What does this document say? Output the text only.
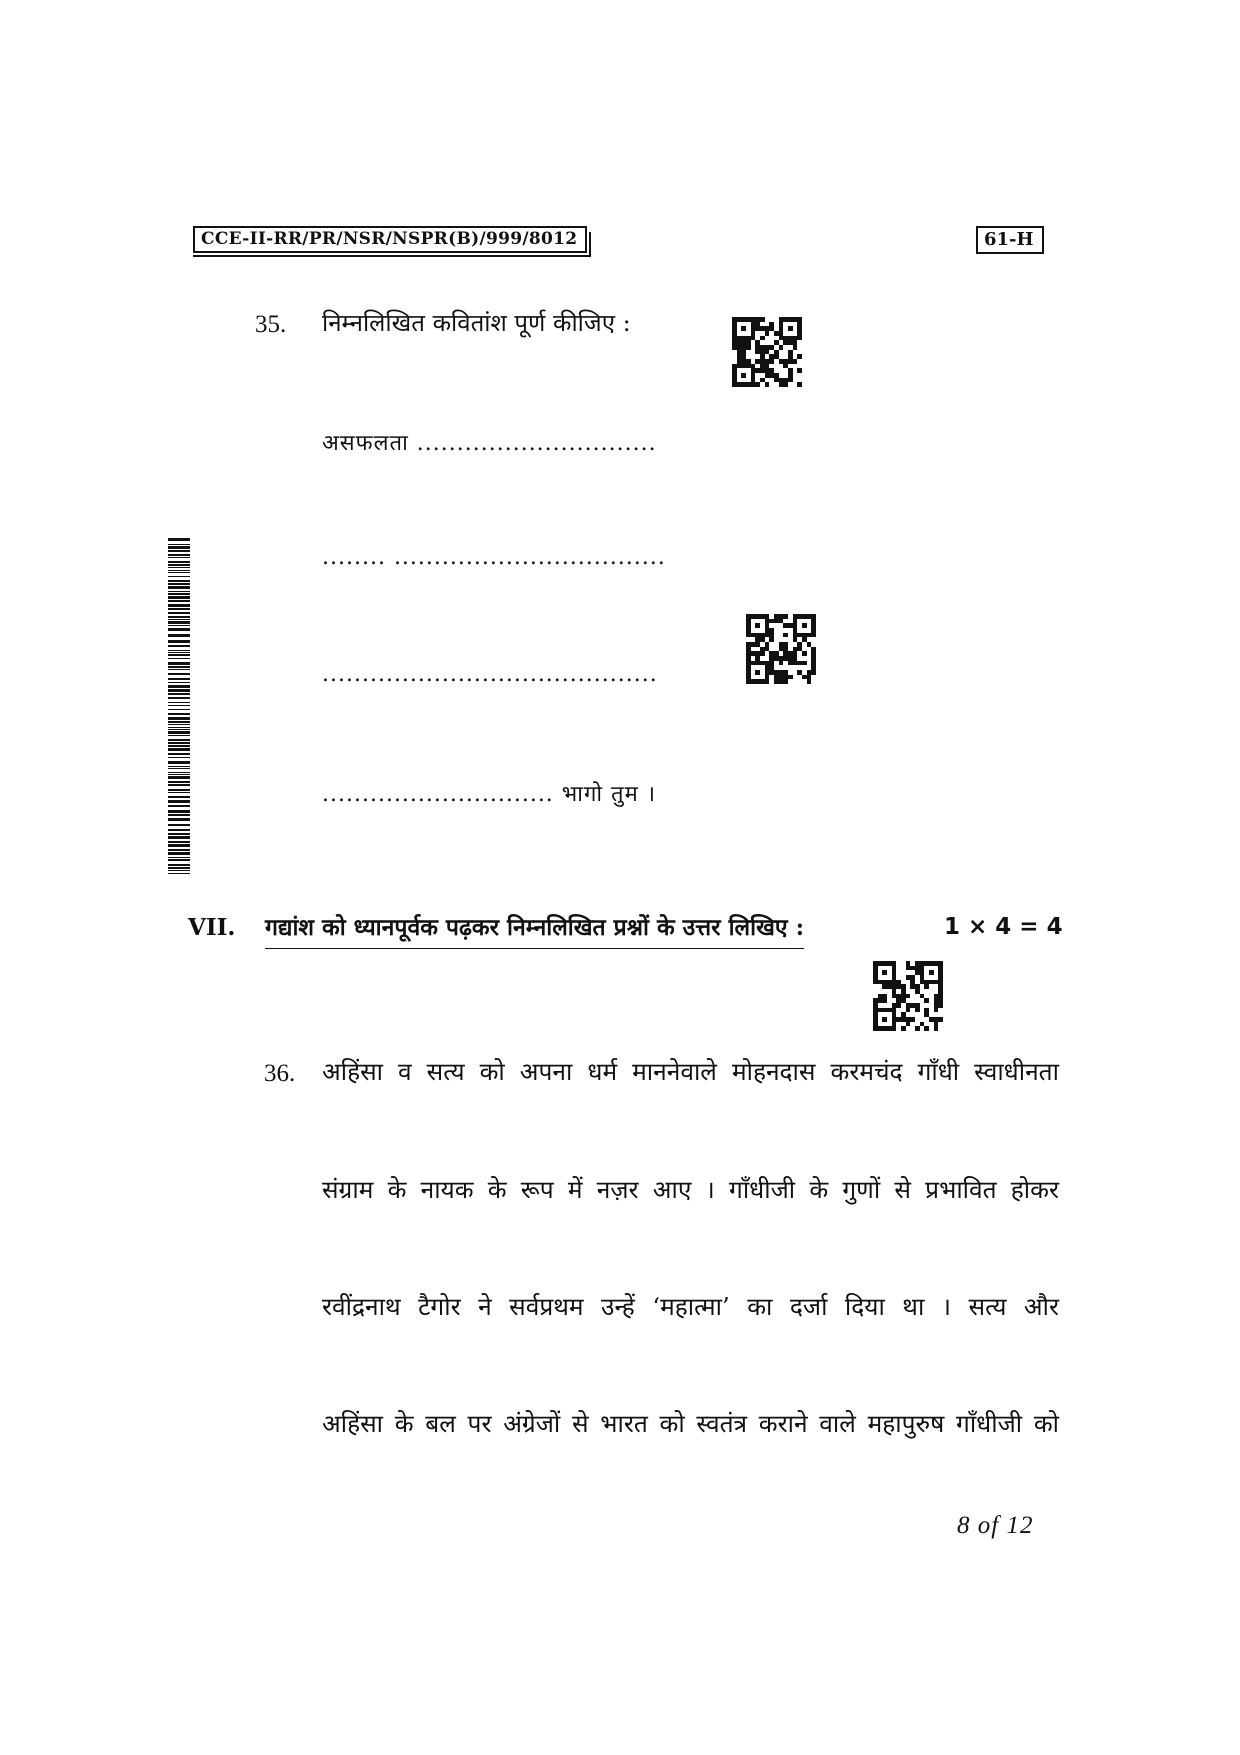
CCE-II-RR/PR/NSR/NSPR(B)/999/8012	61-H
35. निम्नलिखित कवितांश पूर्ण कीजिए :
असफलता ..............................
........ ..................................
..........................................
............................. भागो तुम ।
VII. गद्यांश को ध्यानपूर्वक पढ़कर निम्नलिखित प्रश्नों के उत्तर लिखिए :	1 × 4 = 4
36. अहिंसा व सत्य को अपना धर्म माननेवाले मोहनदास करमचंद गाँधी स्वाधीनता
संग्राम के नायक के रूप में नज़र आए । गाँधीजी के गुणों से प्रभावित होकर
रवींद्रनाथ टैगोर ने सर्वप्रथम उन्हें ‘महात्मा’ का दर्जा दिया था । सत्य और
अहिंसा के बल पर अंग्रेजों से भारत को स्वतंत्र कराने वाले महापुरुष गाँधीजी को
8 of 12
